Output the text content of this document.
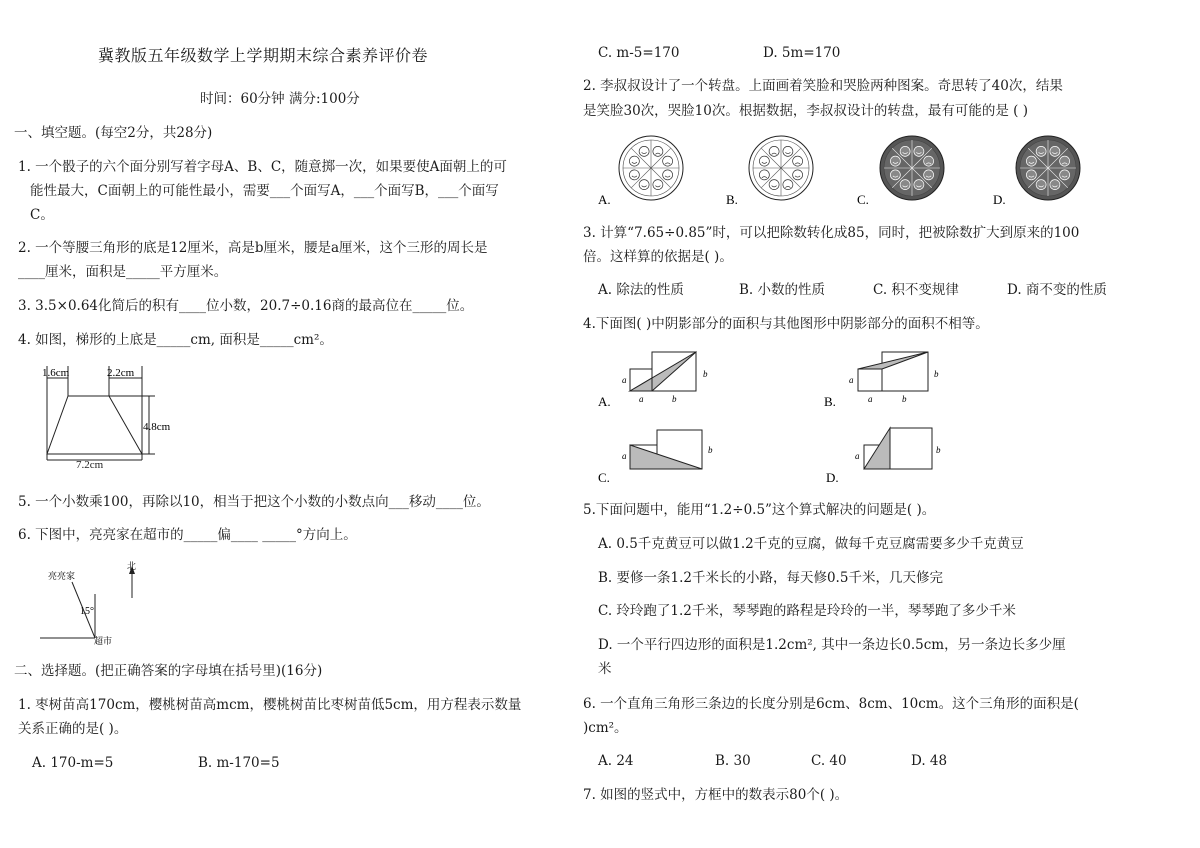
冀教版五年级数学上学期期末综合素养评价卷
时间：60分钟 满分:100分
一、填空题。(每空2分，共28分)
1. 一个骰子的六个面分别写着字母A、B、C，随意掷一次，如果要使A面朝上的可
能性最大，C面朝上的可能性最小，需要___个面写A，___个面写B，___个面写
C。
2. 一个等腰三角形的底是12厘米，高是b厘米，腰是a厘米，这个三形的周长是
____厘米，面积是_____平方厘米。
3. 3.5×0.64化简后的积有____位小数，20.7÷0.16商的最高位在_____位。
4. 如图，梯形的上底是_____cm, 面积是_____cm²。
1.6cm	2.2cm
4.8cm
7.2cm
5. 一个小数乘100，再除以10，相当于把这个小数的小数点向___移动____位。
6. 下图中，亮亮家在超市的_____偏____ _____°方向上。
亮亮家
北
15°
超市
二、选择题。(把正确答案的字母填在括号里)(16分)
1. 枣树苗高170cm，樱桃树苗高mcm，樱桃树苗比枣树苗低5cm，用方程表示数量
关系正确的是( )。
A. 170-m=5	B. m-170=5
C. m-5=170	D. 5m=170
2. 李叔叔设计了一个转盘。上面画着笑脸和哭脸两种图案。奇思转了40次，结果
是笑脸30次，哭脸10次。根据数据，李叔叔设计的转盘，最有可能的是 ( )
A.	B.	C.	D.
3. 计算“7.65÷0.85”时，可以把除数转化成85，同时，把被除数扩大到原来的100
倍。这样算的依据是( )。
A. 除法的性质	B. 小数的性质	C. 积不变规律	D. 商不变的性质
4.下面图( )中阴影部分的面积与其他图形中阴影部分的面积不相等。
A.	B.
C.	D.
a
a	b
b
a
a	b
b
a
b
a
b
5.下面问题中，能用“1.2÷0.5”这个算式解决的问题是( )。
A. 0.5千克黄豆可以做1.2千克的豆腐，做每千克豆腐需要多少千克黄豆
B. 要修一条1.2千米长的小路，每天修0.5千米，几天修完
C. 玲玲跑了1.2千米，琴琴跑的路程是玲玲的一半，琴琴跑了多少千米
D. 一个平行四边形的面积是1.2cm², 其中一条边长0.5cm，另一条边长多少厘
米
6. 一个直角三角形三条边的长度分别是6cm、8cm、10cm。这个三角形的面积是(
)cm²。
A. 24	B. 30	C. 40	D. 48
7. 如图的竖式中，方框中的数表示80个( )。
